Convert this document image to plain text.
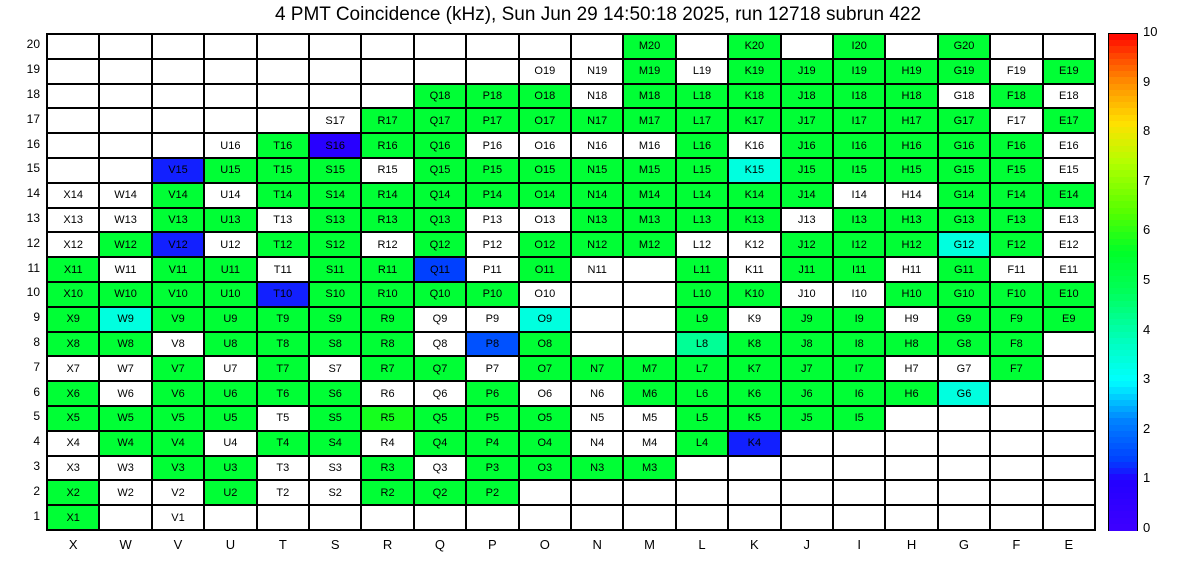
4 PMT Coincidence (kHz), Sun Jun 29 14:50:18 2025, run 12718 subrun 422
X1	V1
X2	W2	V2	U2	T2	S2	R2	Q2	P2
X3	W3	V3	U3	T3	S3	R3	Q3	P3	O3	N3	M3
X4	W4	V4	U4	T4	S4	R4	Q4	P4	O4	N4	M4	L4	K4
X5	W5	V5	U5	T5	S5	R5	Q5	P5	O5	N5	M5	L5	K5	J5	I5
X6	W6	V6	U6	T6	S6	R6	Q6	P6	O6	N6	M6	L6	K6	J6	I6	H6	G6
X7	W7	V7	U7	T7	S7	R7	Q7	P7	O7	N7	M7	L7	K7	J7	I7	H7	G7	F7
X8	W8	V8	U8	T8	S8	R8	Q8	P8	O8	L8	K8	J8	I8	H8	G8	F8
X9	W9	V9	U9	T9	S9	R9	Q9	P9	O9	L9	K9	J9	I9	H9	G9	F9	E9
X10	W10	V10	U10	T10	S10	R10	Q10	P10	O10	L10	K10	J10	I10	H10	G10	F10	E10
X11	W11	V11	U11	T11	S11	R11	Q11	P11	O11	N11	L11	K11	J11	I11	H11	G11	F11	E11
X12	W12	V12	U12	T12	S12	R12	Q12	P12	O12	N12	M12	L12	K12	J12	I12	H12	G12	F12	E12
X13	W13	V13	U13	T13	S13	R13	Q13	P13	O13	N13	M13	L13	K13	J13	I13	H13	G13	F13	E13
X14	W14	V14	U14	T14	S14	R14	Q14	P14	O14	N14	M14	L14	K14	J14	I14	H14	G14	F14	E14
V15	U15	T15	S15	R15	Q15	P15	O15	N15	M15	L15	K15	J15	I15	H15	G15	F15	E15
U16	T16	S16	R16	Q16	P16	O16	N16	M16	L16	K16	J16	I16	H16	G16	F16	E16
S17	R17	Q17	P17	O17	N17	M17	L17	K17	J17	I17	H17	G17	F17	E17
Q18	P18	O18	N18	M18	L18	K18	J18	I18	H18	G18	F18	E18
O19	N19	M19	L19	K19	J19	I19	H19	G19	F19	E19
M20	K20	I20	G20
1
2
3
4
5
6
7
8
9
10
11
12
13
14
15
16
17
18
19
20
X	W	V	U	T	S	R	Q	P	O	N	M	L	K	J	I	H	G	F	E
0
1
2
3
4
5
6
7
8
9
10
